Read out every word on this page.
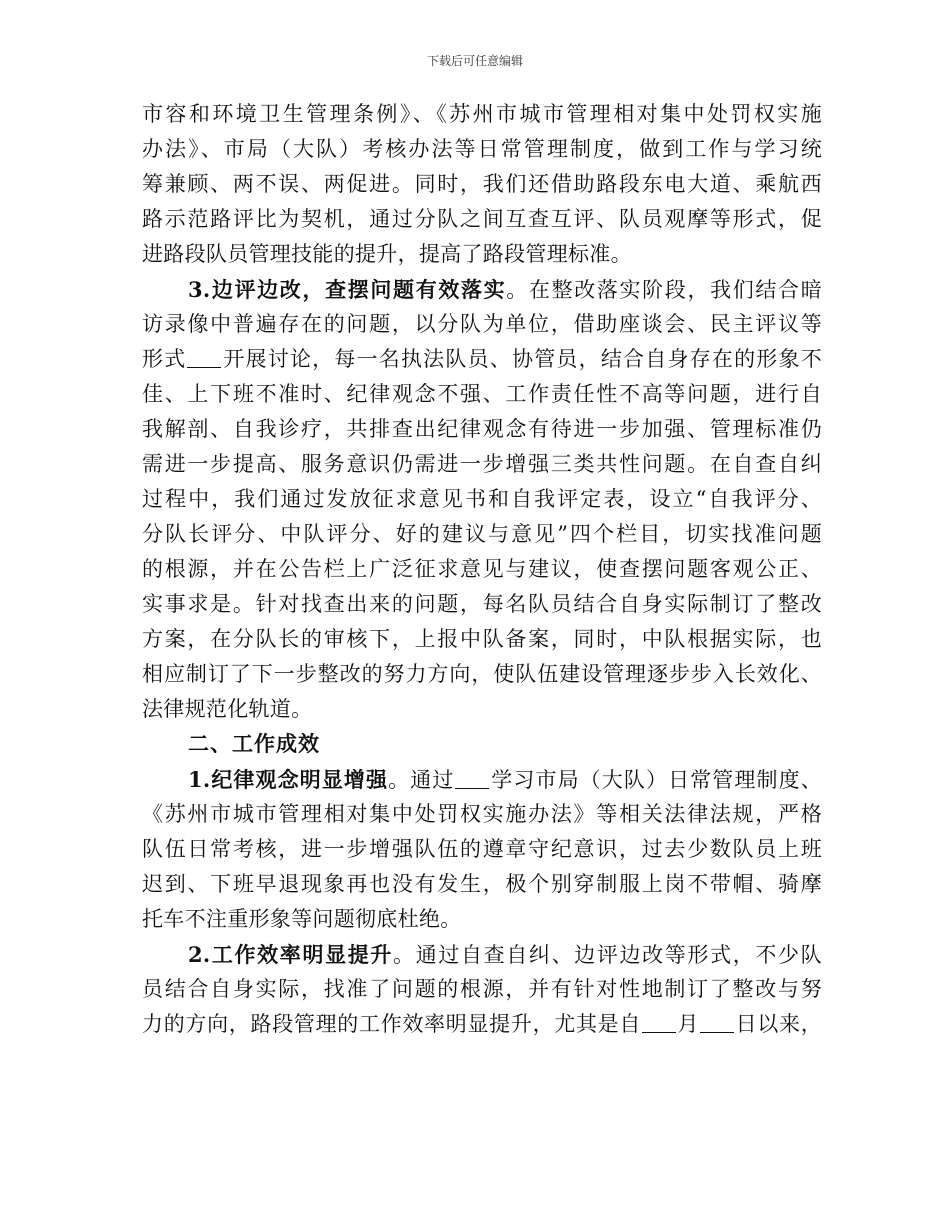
下载后可任意编辑
市容和环境卫生管理条例》、《苏州市城市管理相对集中处罚权实施
办法》、市局（大队）考核办法等日常管理制度，做到工作与学习统
筹兼顾、两不误、两促进。同时，我们还借助路段东电大道、乘航西
路示范路评比为契机，通过分队之间互查互评、队员观摩等形式，促
进路段队员管理技能的提升，提高了路段管理标准。
3.边评边改，查摆问题有效落实。在整改落实阶段，我们结合暗
访录像中普遍存在的问题，以分队为单位，借助座谈会、民主评议等
形式 开展讨论，每一名执法队员、协管员，结合自身存在的形象不
佳、上下班不准时、纪律观念不强、工作责任性不高等问题，进行自
我解剖、自我诊疗，共排查出纪律观念有待进一步加强、管理标准仍
需进一步提高、服务意识仍需进一步增强三类共性问题。在自查自纠
过程中，我们通过发放征求意见书和自我评定表，设立“自我评分、
分队长评分、中队评分、好的建议与意见”四个栏目，切实找准问题
的根源，并在公告栏上广泛征求意见与建议，使查摆问题客观公正、
实事求是。针对找查出来的问题，每名队员结合自身实际制订了整改
方案，在分队长的审核下，上报中队备案，同时，中队根据实际，也
相应制订了下一步整改的努力方向，使队伍建设管理逐步步入长效化、
法律规范化轨道。
二、工作成效
1.纪律观念明显增强。通过 学习市局（大队）日常管理制度、
《苏州市城市管理相对集中处罚权实施办法》等相关法律法规，严格
队伍日常考核，进一步增强队伍的遵章守纪意识，过去少数队员上班
迟到、下班早退现象再也没有发生，极个别穿制服上岗不带帽、骑摩
托车不注重形象等问题彻底杜绝。
2.工作效率明显提升。通过自查自纠、边评边改等形式，不少队
员结合自身实际，找准了问题的根源，并有针对性地制订了整改与努
力的方向，路段管理的工作效率明显提升，尤其是自 月 日以来，
